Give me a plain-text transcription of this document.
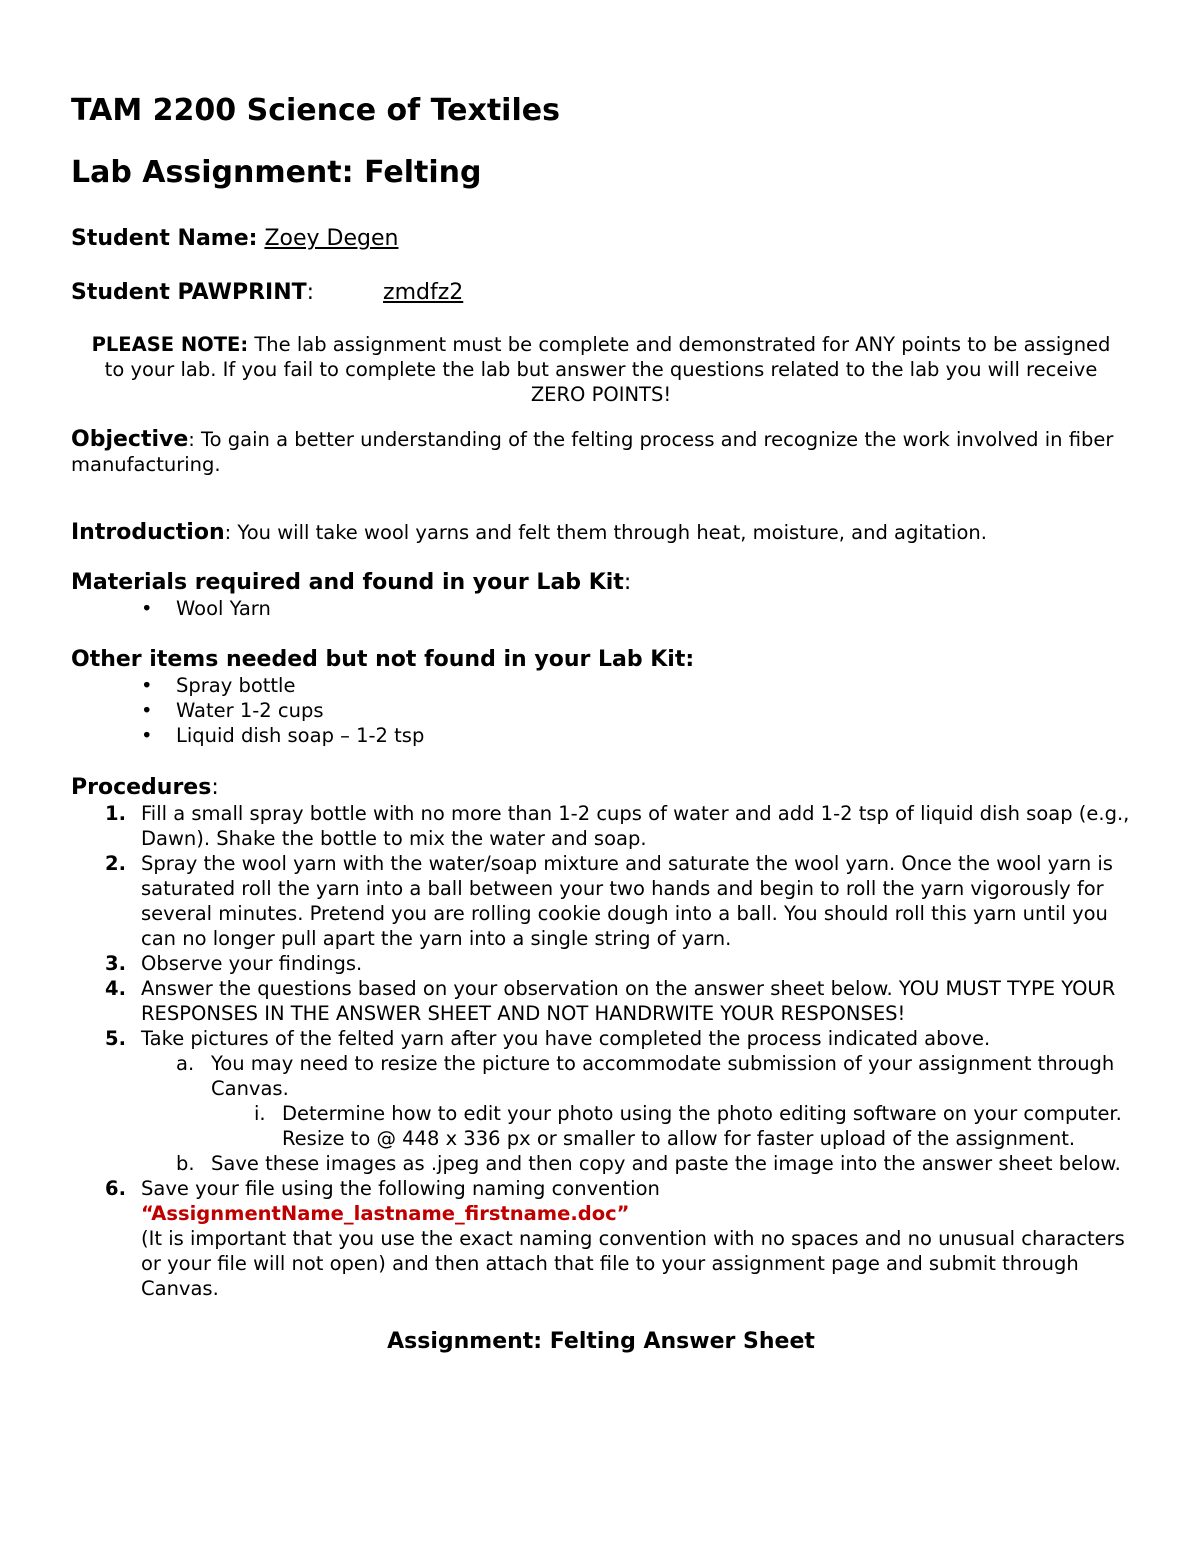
TAM 2200 Science of Textiles
Lab Assignment: Felting
Student Name: Zoey Degen
Student PAWPRINT:	zmdfz2
PLEASE NOTE: The lab assignment must be complete and demonstrated for ANY points to be assigned to your lab. If you fail to complete the lab but answer the questions related to the lab you will receive ZERO POINTS!
Objective: To gain a better understanding of the felting process and recognize the work involved in fiber manufacturing.
Introduction: You will take wool yarns and felt them through heat, moisture, and agitation.
Materials required and found in your Lab Kit:
• Wool Yarn
Other items needed but not found in your Lab Kit:
• Spray bottle
• Water 1-2 cups
• Liquid dish soap – 1-2 tsp
Procedures:
1. Fill a small spray bottle with no more than 1-2 cups of water and add 1-2 tsp of liquid dish soap (e.g., Dawn). Shake the bottle to mix the water and soap.
2. Spray the wool yarn with the water/soap mixture and saturate the wool yarn. Once the wool yarn is saturated roll the yarn into a ball between your two hands and begin to roll the yarn vigorously for several minutes. Pretend you are rolling cookie dough into a ball. You should roll this yarn until you can no longer pull apart the yarn into a single string of yarn.
3. Observe your findings.
4. Answer the questions based on your observation on the answer sheet below. YOU MUST TYPE YOUR RESPONSES IN THE ANSWER SHEET AND NOT HANDRWITE YOUR RESPONSES!
5. Take pictures of the felted yarn after you have completed the process indicated above.
a. You may need to resize the picture to accommodate submission of your assignment through Canvas.
i. Determine how to edit your photo using the photo editing software on your computer. Resize to @ 448 x 336 px or smaller to allow for faster upload of the assignment.
b. Save these images as .jpeg and then copy and paste the image into the answer sheet below.
6. Save your file using the following naming convention
“AssignmentName_lastname_firstname.doc”
(It is important that you use the exact naming convention with no spaces and no unusual characters or your file will not open) and then attach that file to your assignment page and submit through Canvas.
Assignment: Felting Answer Sheet
